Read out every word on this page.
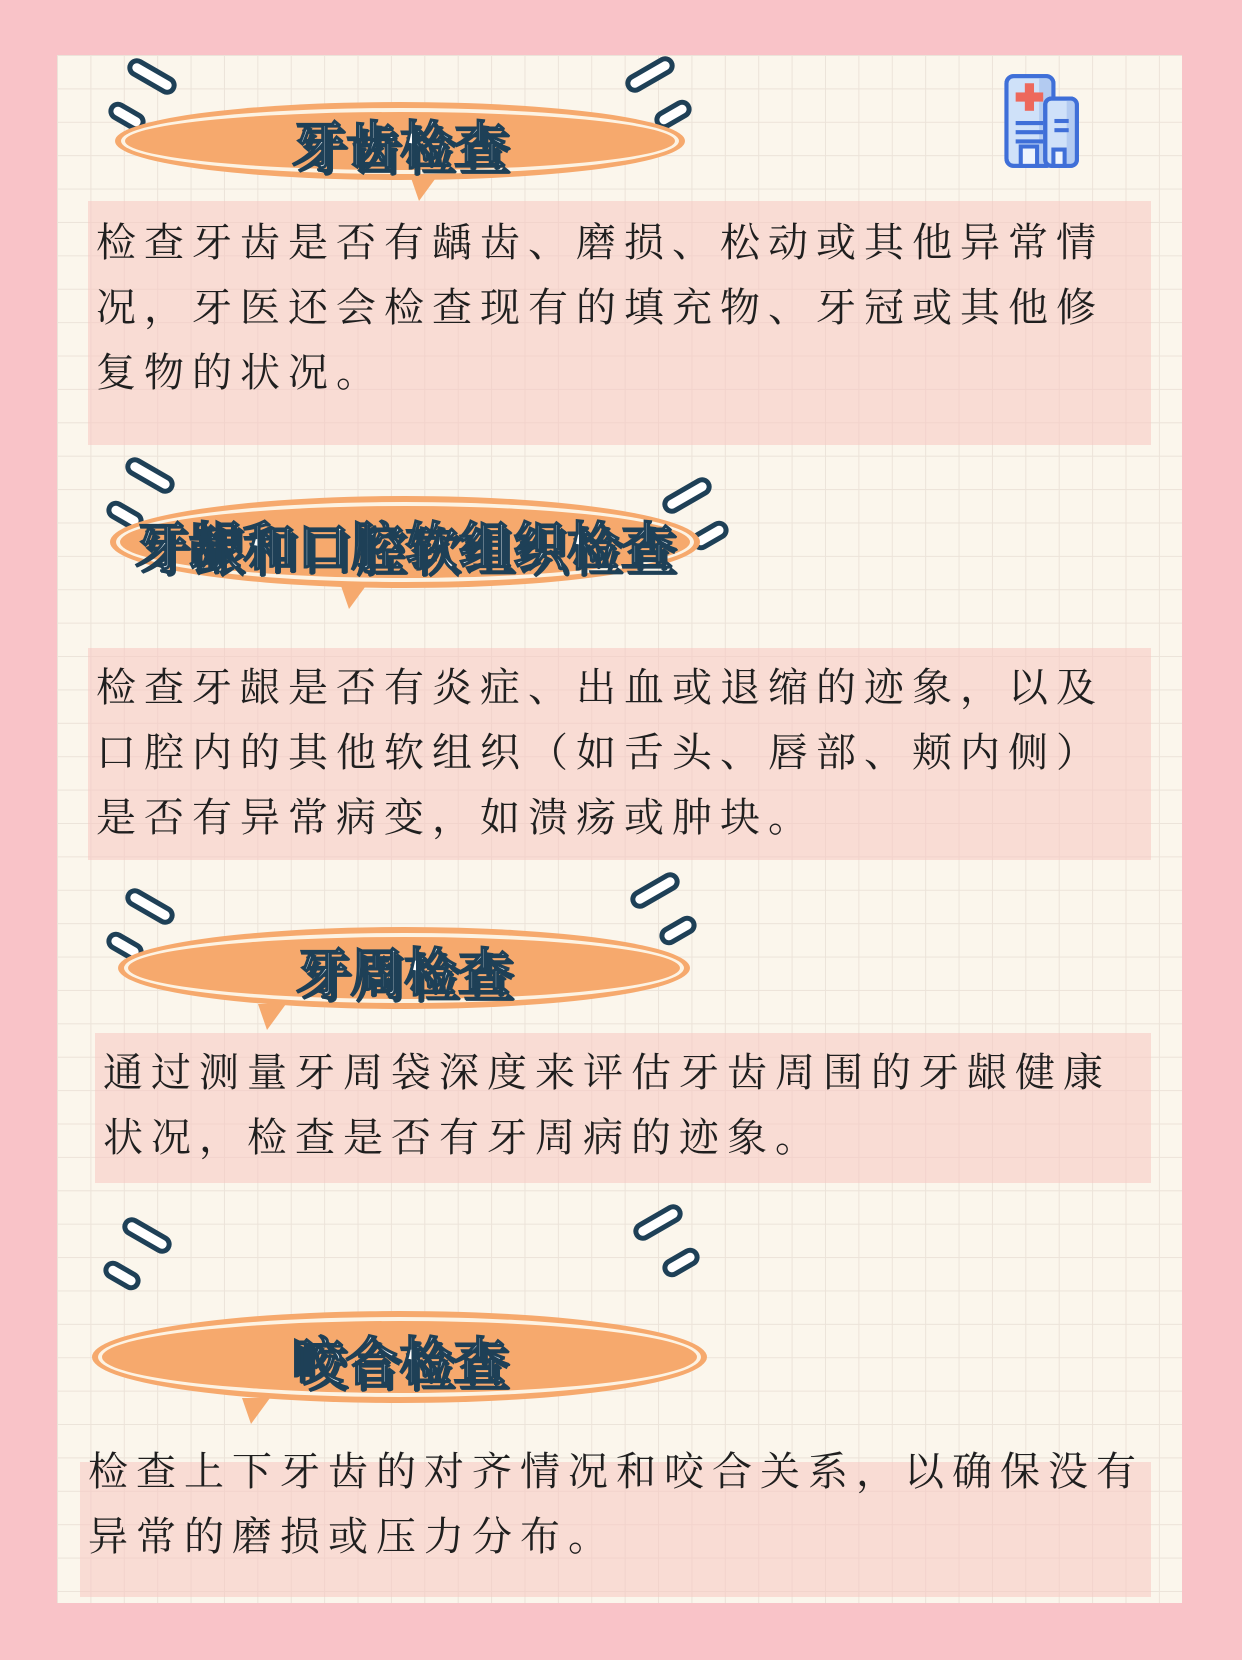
牙齿检查
检查牙齿是否有龋齿、磨损、松动或其他异常情
况，牙医还会检查现有的填充物、牙冠或其他修
复物的状况。
牙龈和口腔软组织检查
检查牙龈是否有炎症、出血或退缩的迹象，以及
口腔内的其他软组织（如舌头、唇部、颊内侧）
是否有异常病变，如溃疡或肿块。
牙周检查
通过测量牙周袋深度来评估牙齿周围的牙龈健康
状况，检查是否有牙周病的迹象。
咬合检查
检查上下牙齿的对齐情况和咬合关系，以确保没有
异常的磨损或压力分布。
